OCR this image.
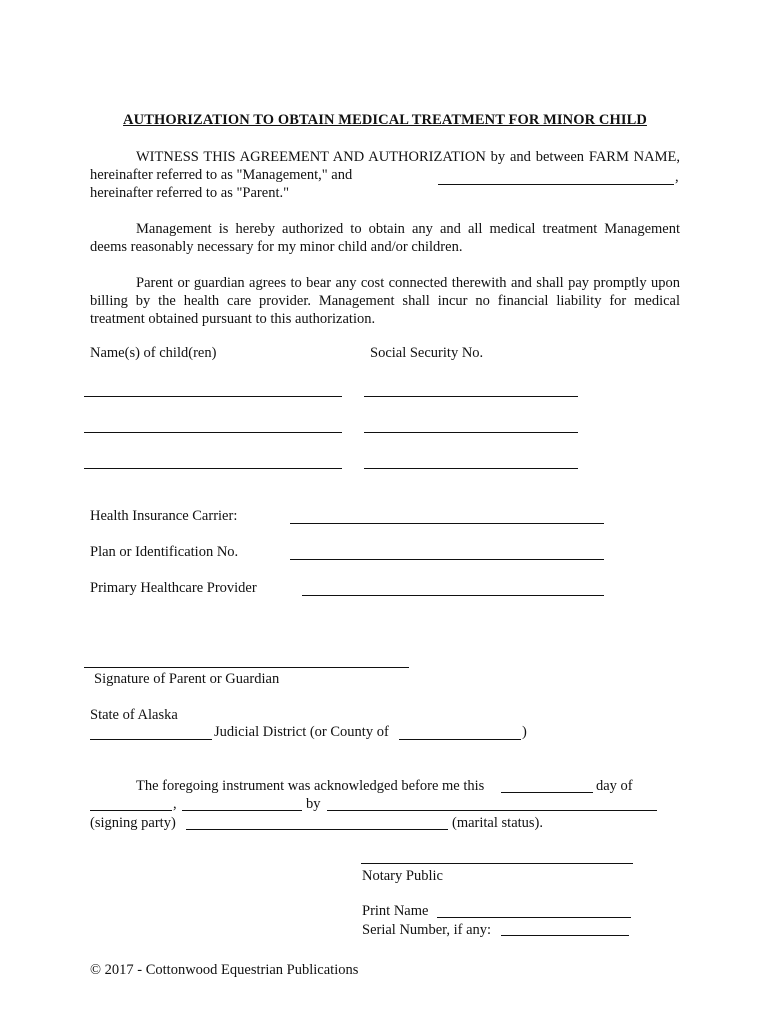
AUTHORIZATION TO OBTAIN MEDICAL TREATMENT FOR MINOR CHILD
WITNESS THIS AGREEMENT AND AUTHORIZATION by and between FARM NAME, hereinafter referred to as "Management," and	,
hereinafter referred to as "Parent."
Management is hereby authorized to obtain any and all medical treatment Management deems reasonably necessary for my minor child and/or children.
Parent or guardian agrees to bear any cost connected therewith and shall pay promptly upon billing by the health care provider. Management shall incur no financial liability for medical treatment obtained pursuant to this authorization.
Name(s) of child(ren)	Social Security No.
Health Insurance Carrier:
Plan or Identification No.
Primary Healthcare Provider
Signature of Parent or Guardian
State of Alaska
Judicial District (or County of	)
The foregoing instrument was acknowledged before me this	day of
,	by
(signing party)	(marital status).
Notary Public
Print Name
Serial Number, if any:
© 2017 - Cottonwood Equestrian Publications
